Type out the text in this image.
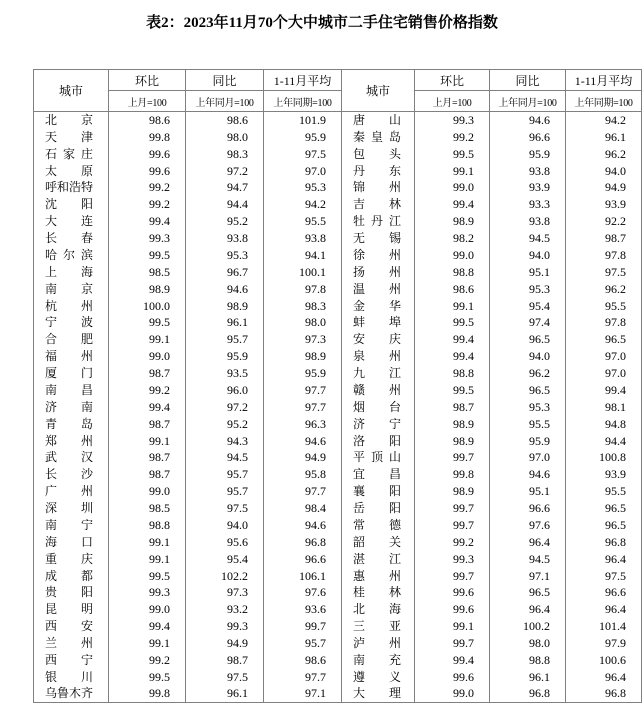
表2：2023年11月70个大中城市二手住宅销售价格指数
城市	环比	同比	1-11月平均	城市	环比	同比	1-11月平均
	上月=100	上年同月=100	上年同期=100		上月=100	上年同月=100	上年同期=100
北京	98.6	98.6	101.9	唐山	99.3	94.6	94.2
天津	99.8	98.0	95.9	秦皇岛	99.2	96.6	96.1
石家庄	99.6	98.3	97.5	包头	99.5	95.9	96.2
太原	99.6	97.2	97.0	丹东	99.1	93.8	94.0
呼和浩特	99.2	94.7	95.3	锦州	99.0	93.9	94.9
沈阳	99.2	94.4	94.2	吉林	99.4	93.3	93.9
大连	99.4	95.2	95.5	牡丹江	98.9	93.8	92.2
长春	99.3	93.8	93.8	无锡	98.2	94.5	98.7
哈尔滨	99.5	95.3	94.1	徐州	99.0	94.0	97.8
上海	98.5	96.7	100.1	扬州	98.8	95.1	97.5
南京	98.9	94.6	97.8	温州	98.6	95.3	96.2
杭州	100.0	98.9	98.3	金华	99.1	95.4	95.5
宁波	99.5	96.1	98.0	蚌埠	99.5	97.4	97.8
合肥	99.1	95.7	97.3	安庆	99.4	96.5	96.5
福州	99.0	95.9	98.9	泉州	99.4	94.0	97.0
厦门	98.7	93.5	95.9	九江	98.8	96.2	97.0
南昌	99.2	96.0	97.7	赣州	99.5	96.5	99.4
济南	99.4	97.2	97.7	烟台	98.7	95.3	98.1
青岛	98.7	95.2	96.3	济宁	98.9	95.5	94.8
郑州	99.1	94.3	94.6	洛阳	98.9	95.9	94.4
武汉	98.7	94.5	94.9	平顶山	99.7	97.0	100.8
长沙	98.7	95.7	95.8	宜昌	99.8	94.6	93.9
广州	99.0	95.7	97.7	襄阳	98.9	95.1	95.5
深圳	98.5	97.5	98.4	岳阳	99.7	96.6	96.5
南宁	98.8	94.0	94.6	常德	99.7	97.6	96.5
海口	99.1	95.6	96.8	韶关	99.2	96.4	96.8
重庆	99.1	95.4	96.6	湛江	99.3	94.5	96.4
成都	99.5	102.2	106.1	惠州	99.7	97.1	97.5
贵阳	99.3	97.3	97.6	桂林	99.6	96.5	96.6
昆明	99.0	93.2	93.6	北海	99.6	96.4	96.4
西安	99.4	99.3	99.7	三亚	99.1	100.2	101.4
兰州	99.1	94.9	95.7	泸州	99.7	98.0	97.9
西宁	99.2	98.7	98.6	南充	99.4	98.8	100.6
银川	99.5	97.5	97.7	遵义	99.6	96.1	96.4
乌鲁木齐	99.8	96.1	97.1	大理	99.0	96.8	96.8
